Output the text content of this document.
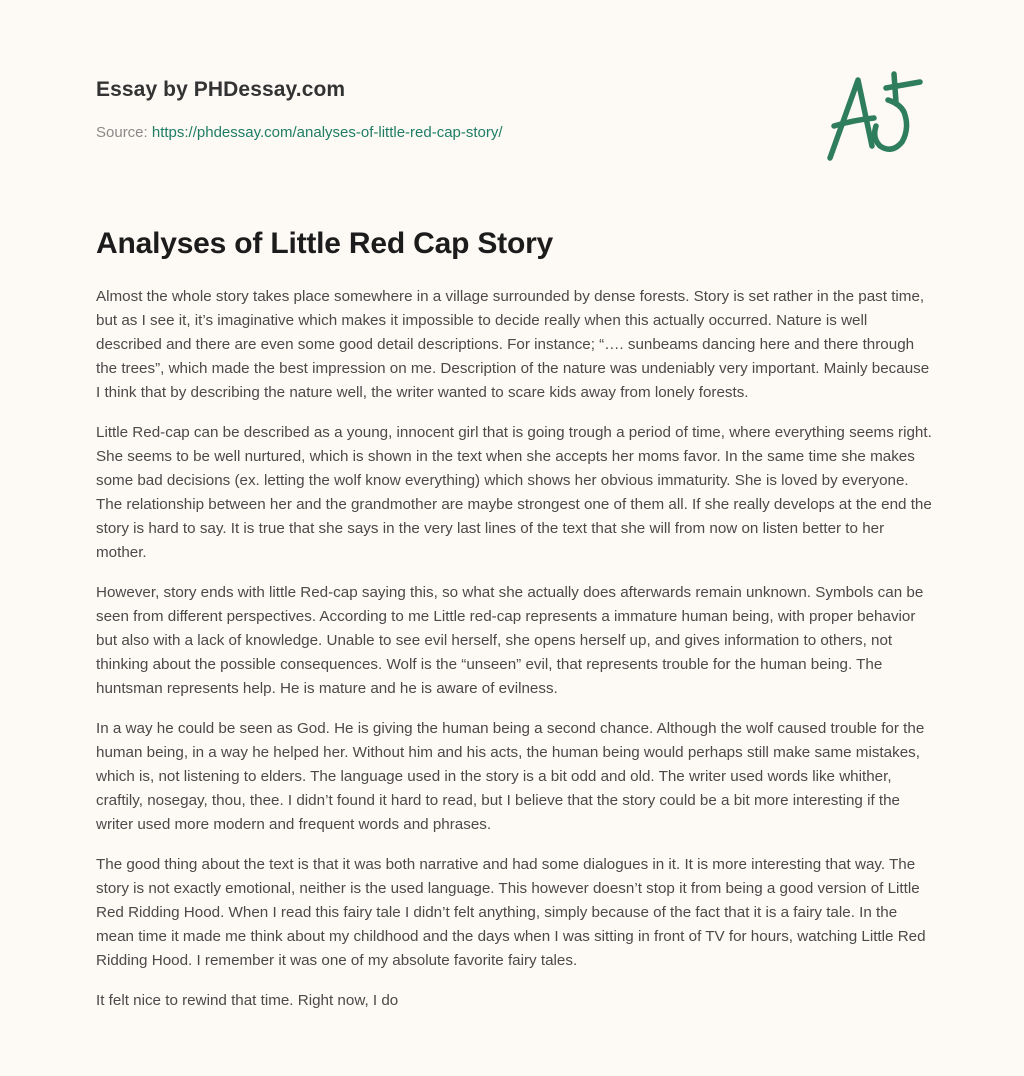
Essay by PHDessay.com
Source: https://phdessay.com/analyses-of-little-red-cap-story/
Analyses of Little Red Cap Story

Almost the whole story takes place somewhere in a village surrounded by dense forests. Story is set rather in the past time, but as I see it, it’s imaginative which makes it impossible to decide really when this actually occurred. Nature is well described and there are even some good detail descriptions. For instance; “…. sunbeams dancing here and there through the trees”, which made the best impression on me. Description of the nature was undeniably very important. Mainly because I think that by describing the nature well, the writer wanted to scare kids away from lonely forests.

Little Red-cap can be described as a young, innocent girl that is going trough a period of time, where everything seems right. She seems to be well nurtured, which is shown in the text when she accepts her moms favor. In the same time she makes some bad decisions (ex. letting the wolf know everything) which shows her obvious immaturity. She is loved by everyone. The relationship between her and the grandmother are maybe strongest one of them all. If she really develops at the end the story is hard to say. It is true that she says in the very last lines of the text that she will from now on listen better to her mother.

However, story ends with little Red-cap saying this, so what she actually does afterwards remain unknown. Symbols can be seen from different perspectives. According to me Little red-cap represents a immature human being, with proper behavior but also with a lack of knowledge. Unable to see evil herself, she opens herself up, and gives information to others, not thinking about the possible consequences. Wolf is the “unseen” evil, that represents trouble for the human being. The huntsman represents help. He is mature and he is aware of evilness.

In a way he could be seen as God. He is giving the human being a second chance. Although the wolf caused trouble for the human being, in a way he helped her. Without him and his acts, the human being would perhaps still make same mistakes, which is, not listening to elders. The language used in the story is a bit odd and old. The writer used words like whither, craftily, nosegay, thou, thee. I didn’t found it hard to read, but I believe that the story could be a bit more interesting if the writer used more modern and frequent words and phrases.

The good thing about the text is that it was both narrative and had some dialogues in it. It is more interesting that way. The story is not exactly emotional, neither is the used language. This however doesn’t stop it from being a good version of Little Red Ridding Hood. When I read this fairy tale I didn’t felt anything, simply because of the fact that it is a fairy tale. In the mean time it made me think about my childhood and the days when I was sitting in front of TV for hours, watching Little Red Ridding Hood. I remember it was one of my absolute favorite fairy tales.

It felt nice to rewind that time. Right now, I do
